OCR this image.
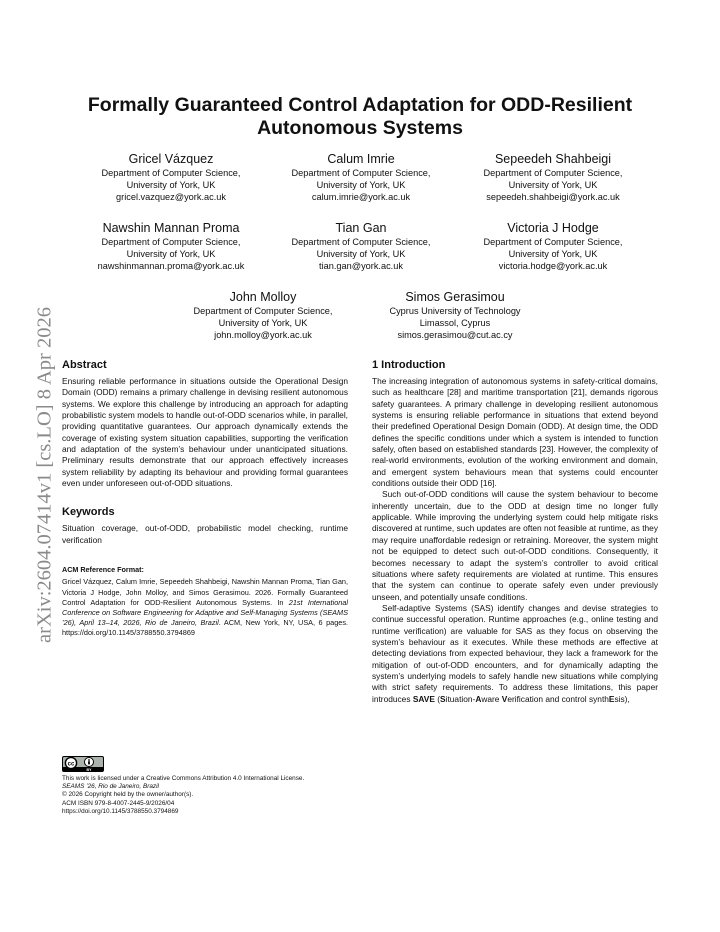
arXiv:2604.07414v1 [cs.LO] 8 Apr 2026
Formally Guaranteed Control Adaptation for ODD-Resilient Autonomous Systems
Gricel Vázquez
Department of Computer Science,
University of York, UK
gricel.vazquez@york.ac.uk
Calum Imrie
Department of Computer Science,
University of York, UK
calum.imrie@york.ac.uk
Sepeedeh Shahbeigi
Department of Computer Science,
University of York, UK
sepeedeh.shahbeigi@york.ac.uk
Nawshin Mannan Proma
Department of Computer Science,
University of York, UK
nawshinmannan.proma@york.ac.uk
Tian Gan
Department of Computer Science,
University of York, UK
tian.gan@york.ac.uk
Victoria J Hodge
Department of Computer Science,
University of York, UK
victoria.hodge@york.ac.uk
John Molloy
Department of Computer Science,
University of York, UK
john.molloy@york.ac.uk
Simos Gerasimou
Cyprus University of Technology
Limassol, Cyprus
simos.gerasimou@cut.ac.cy
Abstract

Ensuring reliable performance in situations outside the Operational Design Domain (ODD) remains a primary challenge in devising resilient autonomous systems. We explore this challenge by introducing an approach for adapting probabilistic system models to handle out-of-ODD scenarios while, in parallel, providing quantitative guarantees. Our approach dynamically extends the coverage of existing system situation capabilities, supporting the verification and adaptation of the system’s behaviour under unanticipated situations. Preliminary results demonstrate that our approach effectively increases system reliability by adapting its behaviour and providing formal guarantees even under unforeseen out-of-ODD situations.

Keywords

Situation coverage, out-of-ODD, probabilistic model checking, runtime verification

ACM Reference Format:
Gricel Vázquez, Calum Imrie, Sepeedeh Shahbeigi, Nawshin Mannan Proma, Tian Gan, Victoria J Hodge, John Molloy, and Simos Gerasimou. 2026. Formally Guaranteed Control Adaptation for ODD-Resilient Autonomous Systems. In 21st International Conference on Software Engineering for Adaptive and Self-Managing Systems (SEAMS ’26), April 13–14, 2026, Rio de Janeiro, Brazil. ACM, New York, NY, USA, 6 pages. https://doi.org/10.1145/3788550.3794869
cc
BY
This work is licensed under a Creative Commons Attribution 4.0 International License.
SEAMS ’26, Rio de Janeiro, Brazil
© 2026 Copyright held by the owner/author(s).
ACM ISBN 979-8-4007-2445-9/2026/04
https://doi.org/10.1145/3788550.3794869
1 Introduction

The increasing integration of autonomous systems in safety-critical domains, such as healthcare [28] and maritime transportation [21], demands rigorous safety guarantees. A primary challenge in developing resilient autonomous systems is ensuring reliable performance in situations that extend beyond their predefined Operational Design Domain (ODD). At design time, the ODD defines the specific conditions under which a system is intended to function safely, often based on established standards [23]. However, the complexity of real-world environments, evolution of the working environment and domain, and emergent system behaviours mean that systems could encounter conditions outside their ODD [16].

Such out-of-ODD conditions will cause the system behaviour to become inherently uncertain, due to the ODD at design time no longer fully applicable. While improving the underlying system could help mitigate risks discovered at runtime, such updates are often not feasible at runtime, as they may require unaffordable redesign or retraining. Moreover, the system might not be equipped to detect such out-of-ODD conditions. Consequently, it becomes necessary to adapt the system’s controller to avoid critical situations where safety requirements are violated at runtime. This ensures that the system can continue to operate safely even under previously unseen, and potentially unsafe conditions.

Self-adaptive Systems (SAS) identify changes and devise strategies to continue successful operation. Runtime approaches (e.g., online testing and runtime verification) are valuable for SAS as they focus on observing the system’s behaviour as it executes. While these methods are effective at detecting deviations from expected behaviour, they lack a framework for the mitigation of out-of-ODD encounters, and for dynamically adapting the system’s underlying models to safely handle new situations while complying with strict safety requirements. To address these limitations, this paper introduces SAVE (Situation-Aware Verification and control synthEsis),
